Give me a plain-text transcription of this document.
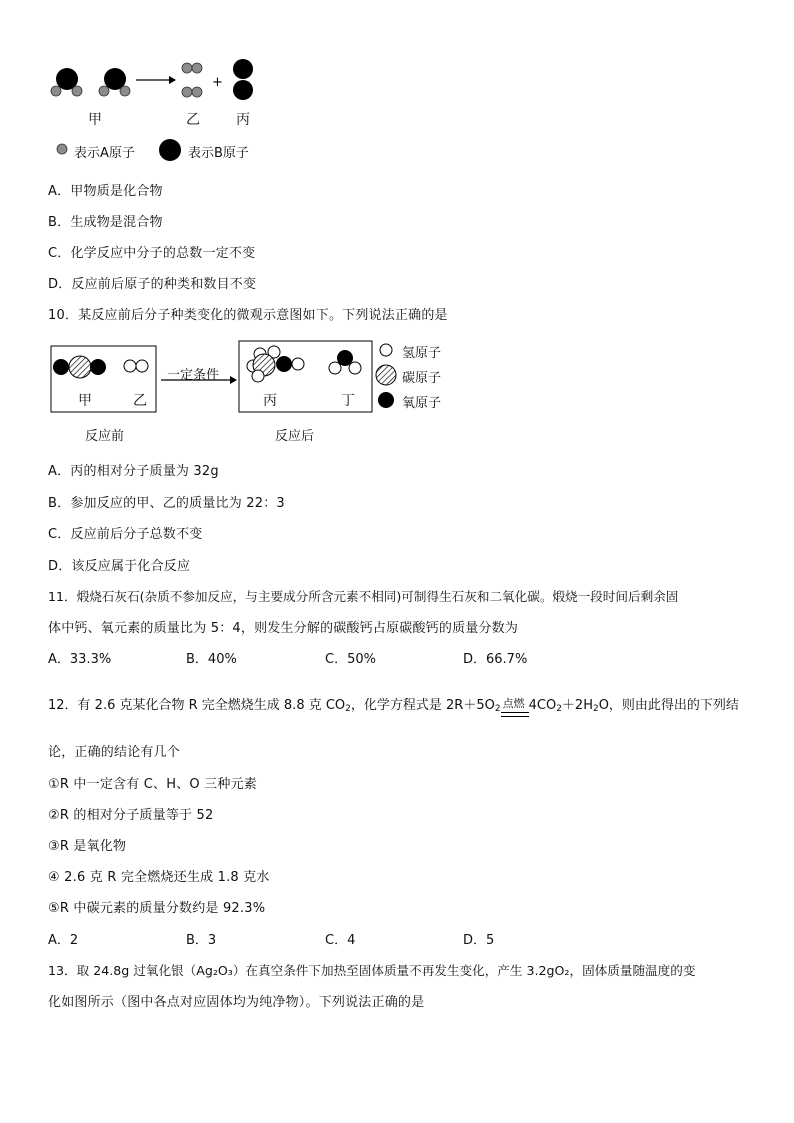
+
甲	乙	丙
表示A原子	表示B原子
A．甲物质是化合物
B．生成物是混合物
C．化学反应中分子的总数一定不变
D．反应前后原子的种类和数目不变
10．某反应前后分子种类变化的微观示意图如下。下列说法正确的是
一定条件
甲	乙	丙	丁
氢原子
碳原子
氧原子
反应前	反应后
A．丙的相对分子质量为 32g
B．参加反应的甲、乙的质量比为 22：3
C．反应前后分子总数不变
D．该反应属于化合反应
11．煅烧石灰石(杂质不参加反应，与主要成分所含元素不相同)可制得生石灰和二氧化碳。煅烧一段时间后剩余固
体中钙、氧元素的质量比为 5：4，则发生分解的碳酸钙占原碳酸钙的质量分数为
A．33.3%	B．40%	C．50%	D．66.7%
12．有 2.6 克某化合物 R 完全燃烧生成 8.8 克 $CO_2$，化学方程式是 $2R+5O_2$ 点燃 $4CO_2+2H_2O$，则由此得出的下列结
论，正确的结论有几个
①R 中一定含有 C、H、O 三种元素
②R 的相对分子质量等于 52
③R 是氧化物
④ 2.6 克 R 完全燃烧还生成 1.8 克水
⑤R 中碳元素的质量分数约是 92.3%
A．2	B．3	C．4	D．5
13．取 24.8g 过氧化银（Ag₂O₃）在真空条件下加热至固体质量不再发生变化，产生 3.2gO₂，固体质量随温度的变
化如图所示（图中各点对应固体均为纯净物）。下列说法正确的是
